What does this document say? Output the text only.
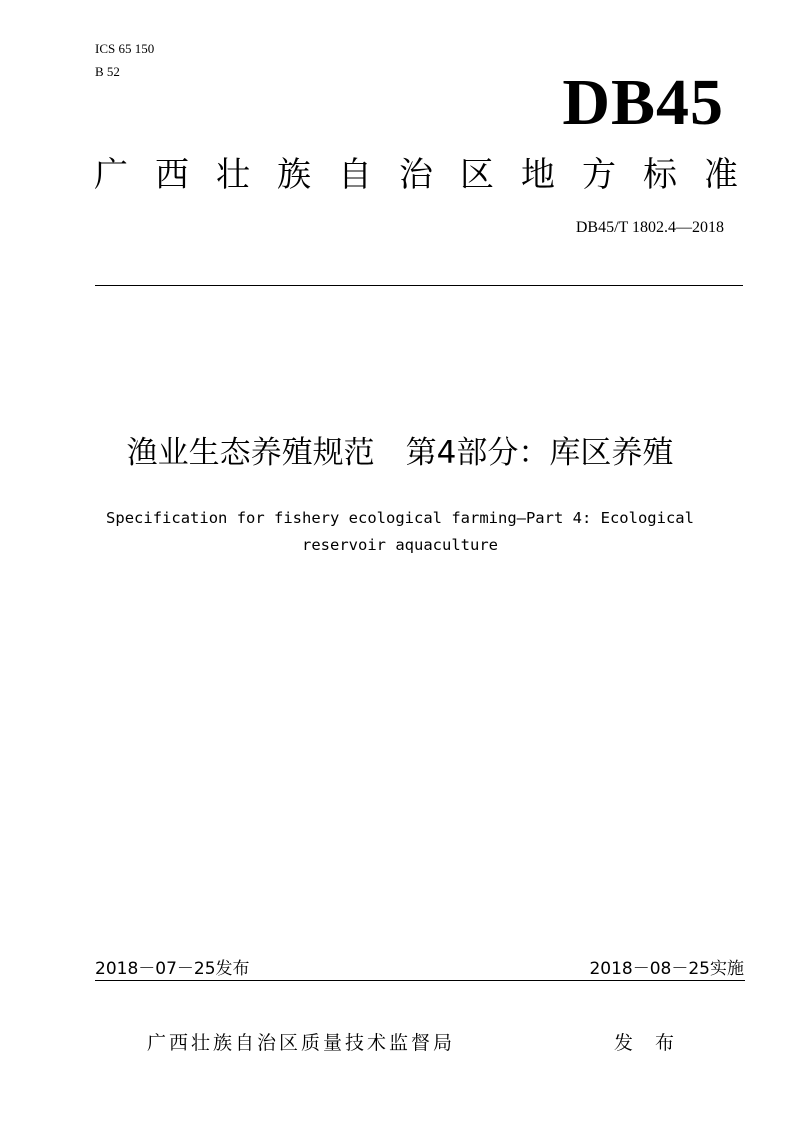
ICS 65 150
B 52	DB45
广西壮族自治区地方标准
DB45/T 1802.4—2018
渔业生态养殖规范　第4部分：库区养殖
Specification for fishery ecological farming—Part 4: Ecological
reservoir aquaculture
2018－07－25发布	2018－08－25实施
广西壮族自治区质量技术监督局	发 布
